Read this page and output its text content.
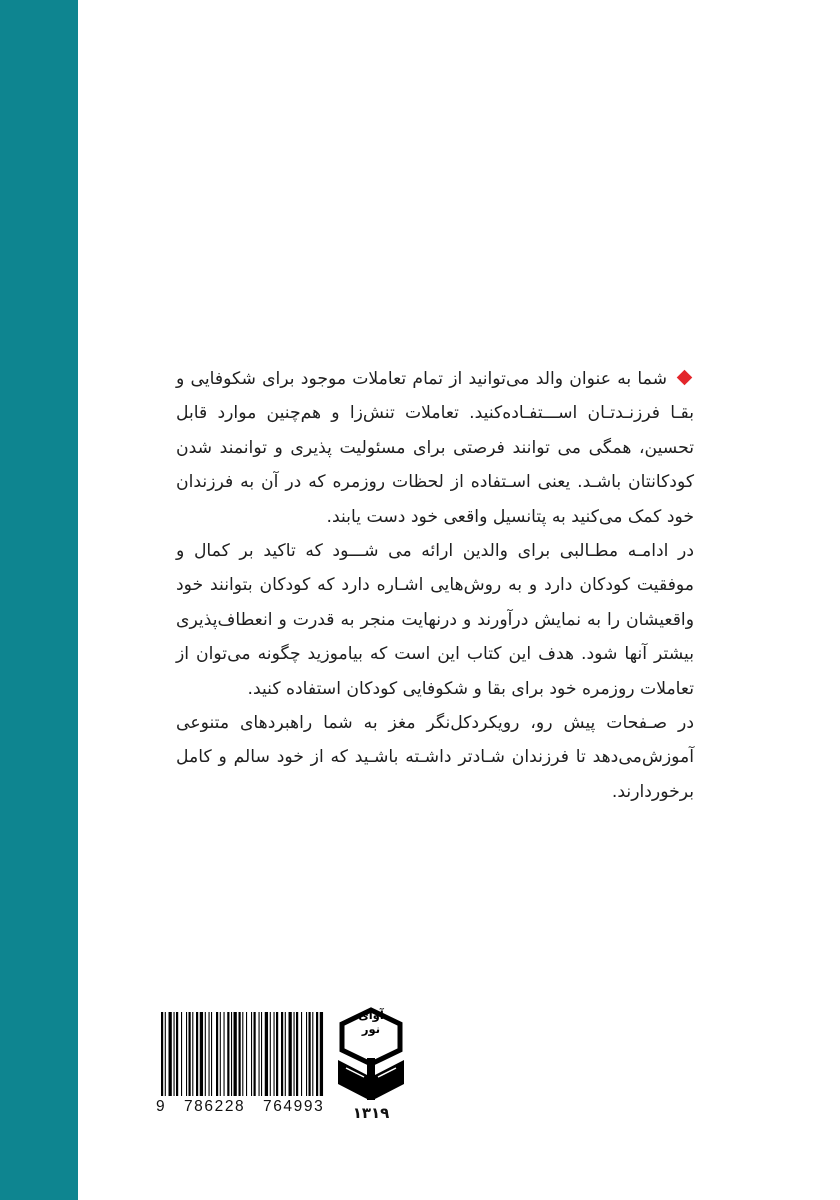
شما به عنوان والد می‌توانید از تمام تعاملات موجود برای شکوفایی و بقـا فرزنـدتـان اســـتفـاده‌کنید. تعاملات تنش‌زا و هم‌چنین موارد قابل تحسین، همگی می توانند فرصتی برای مسئولیت پذیری و توانمند شدن کودکانتان باشـد. یعنی اسـتفاده از لحظات روزمره که در آن به فرزندان خود کمک می‌کنید به پتانسیل واقعی خود دست یابند.

در ادامـه مطـالبی برای والدین ارائه می شـــود که تاکید بر کمال و موفقیت کودکان دارد و به روش‌هایی اشـاره دارد که کودکان بتوانند خود واقعیشان را به نمایش درآورند و درنهایت منجر به قدرت و انعطاف‌پذیری بیشتر آنها شود. هدف این کتاب این است که بیاموزید چگونه می‌توان از تعاملات روزمره خود برای بقا و شکوفایی کودکان استفاده کنید.

در صـفحات پیش رو، رویکردکل‌نگر مغز به شما راهبردهای متنوعی آموزش‌می‌دهد تا فرزندان شـادتر داشـته باشـید که از خود سالم و کامل برخوردارند.

9   786228   764993
آوای
نور
۱۳۱۹
